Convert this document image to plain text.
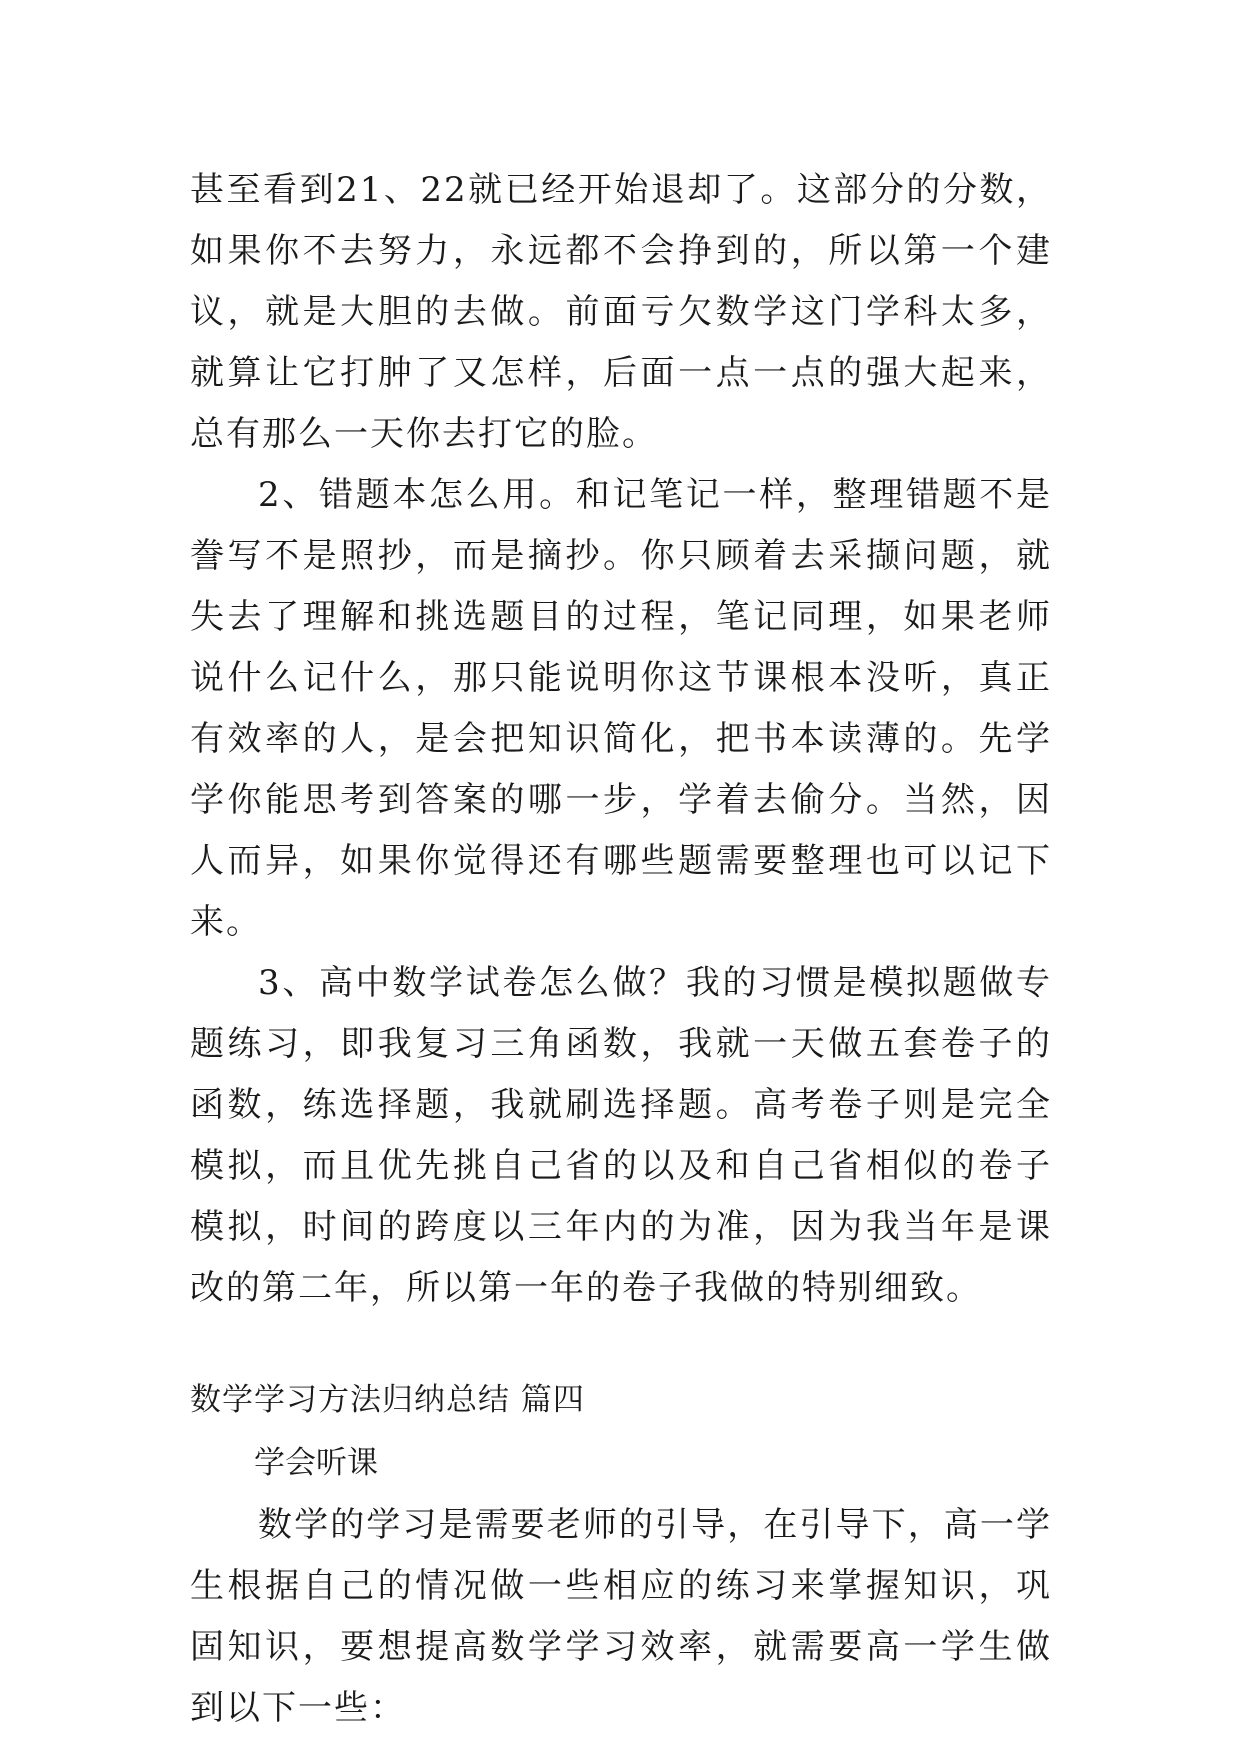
甚至看到21、22就已经开始退却了。这部分的分数，如果你不去努力，永远都不会挣到的，所以第一个建议，就是大胆的去做。前面亏欠数学这门学科太多，就算让它打肿了又怎样，后面一点一点的强大起来，总有那么一天你去打它的脸。

2、错题本怎么用。和记笔记一样，整理错题不是誊写不是照抄，而是摘抄。你只顾着去采撷问题，就失去了理解和挑选题目的过程，笔记同理，如果老师说什么记什么，那只能说明你这节课根本没听，真正有效率的人，是会把知识简化，把书本读薄的。先学学你能思考到答案的哪一步，学着去偷分。当然，因人而异，如果你觉得还有哪些题需要整理也可以记下来。

3、高中数学试卷怎么做？我的习惯是模拟题做专题练习，即我复习三角函数，我就一天做五套卷子的函数，练选择题，我就刷选择题。高考卷子则是完全模拟，而且优先挑自己省的以及和自己省相似的卷子模拟，时间的跨度以三年内的为准，因为我当年是课改的第二年，所以第一年的卷子我做的特别细致。

数学学习方法归纳总结 篇四

学会听课

数学的学习是需要老师的引导，在引导下，高一学生根据自己的情况做一些相应的练习来掌握知识，巩固知识，要想提高数学学习效率，就需要高一学生做到以下一些：
